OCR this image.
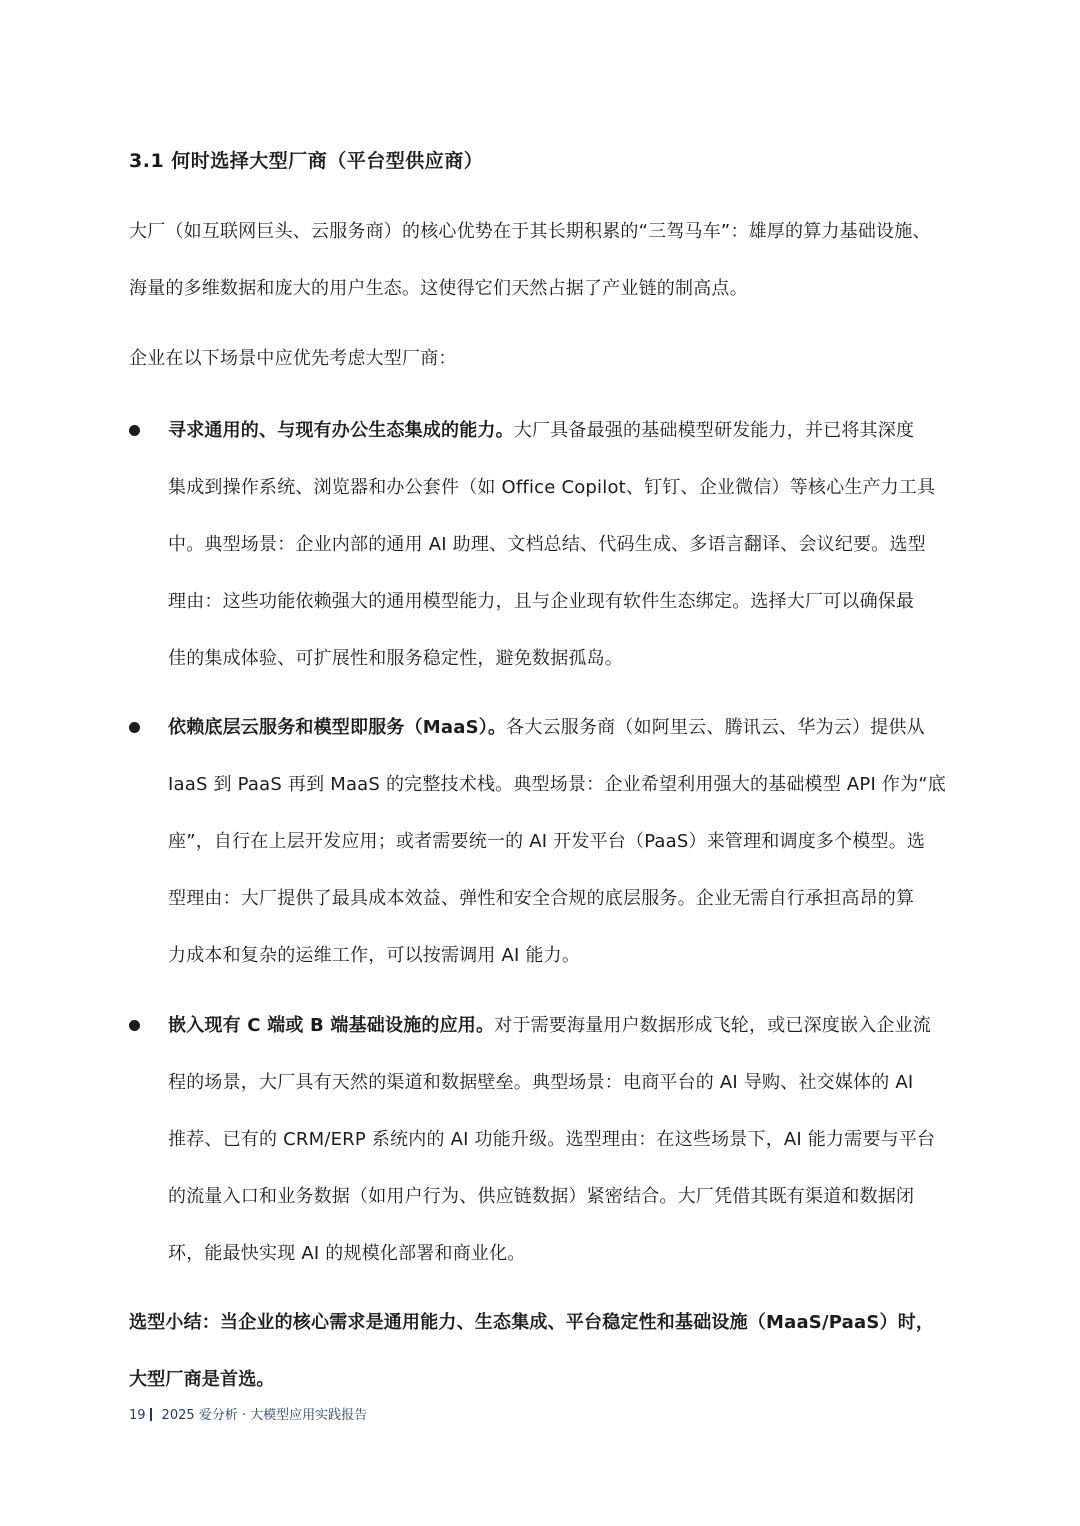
3.1 何时选择大型厂商（平台型供应商）
大厂（如互联网巨头、云服务商）的核心优势在于其长期积累的“三驾马车”：雄厚的算力基础设施、
海量的多维数据和庞大的用户生态。这使得它们天然占据了产业链的制高点。
企业在以下场景中应优先考虑大型厂商：
寻求通用的、与现有办公生态集成的能力。大厂具备最强的基础模型研发能力，并已将其深度
集成到操作系统、浏览器和办公套件（如 Office Copilot、钉钉、企业微信）等核心生产力工具
中。典型场景：企业内部的通用 AI 助理、文档总结、代码生成、多语言翻译、会议纪要。选型
理由：这些功能依赖强大的通用模型能力，且与企业现有软件生态绑定。选择大厂可以确保最
佳的集成体验、可扩展性和服务稳定性，避免数据孤岛。
依赖底层云服务和模型即服务（MaaS）。各大云服务商（如阿里云、腾讯云、华为云）提供从
IaaS 到 PaaS 再到 MaaS 的完整技术栈。典型场景：企业希望利用强大的基础模型 API 作为“底
座”，自行在上层开发应用；或者需要统一的 AI 开发平台（PaaS）来管理和调度多个模型。选
型理由：大厂提供了最具成本效益、弹性和安全合规的底层服务。企业无需自行承担高昂的算
力成本和复杂的运维工作，可以按需调用 AI 能力。
嵌入现有 C 端或 B 端基础设施的应用。对于需要海量用户数据形成飞轮，或已深度嵌入企业流
程的场景，大厂具有天然的渠道和数据壁垒。典型场景：电商平台的 AI 导购、社交媒体的 AI
推荐、已有的 CRM/ERP 系统内的 AI 功能升级。选型理由：在这些场景下，AI 能力需要与平台
的流量入口和业务数据（如用户行为、供应链数据）紧密结合。大厂凭借其既有渠道和数据闭
环，能最快实现 AI 的规模化部署和商业化。
选型小结：当企业的核心需求是通用能力、生态集成、平台稳定性和基础设施（MaaS/PaaS）时，
大型厂商是首选。
19 2025 爱分析 · 大模型应用实践报告
